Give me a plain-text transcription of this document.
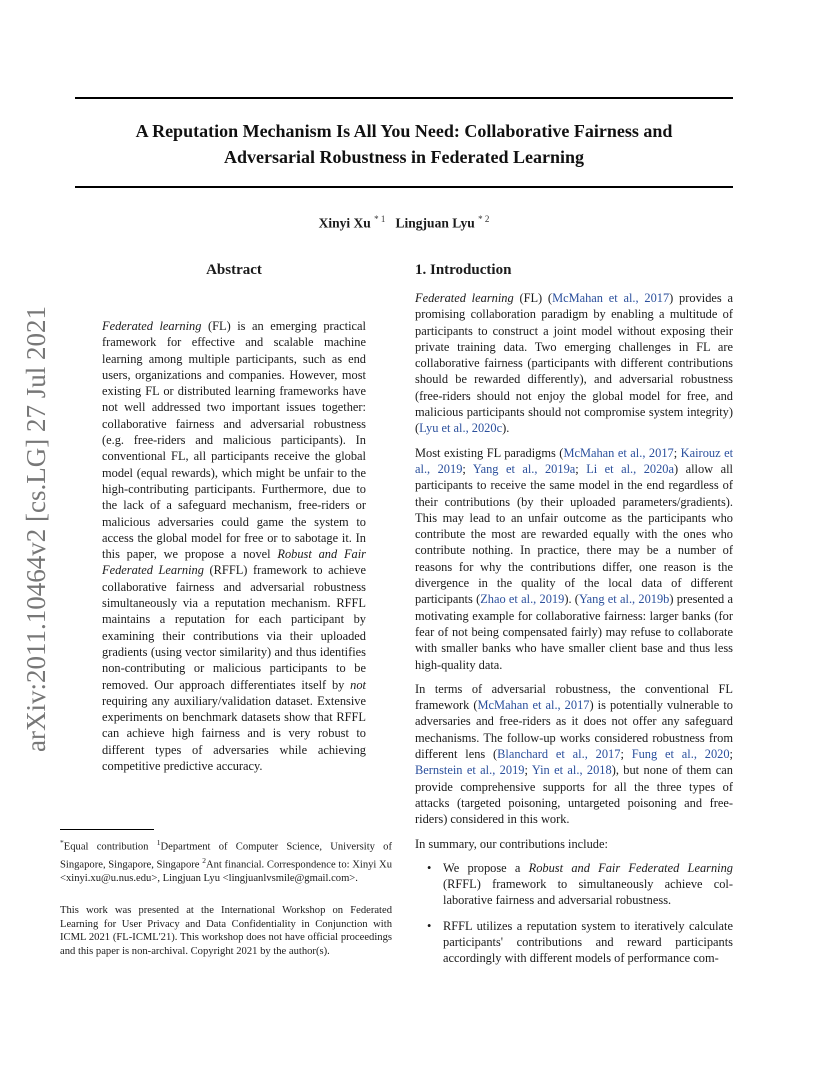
A Reputation Mechanism Is All You Need: Collaborative Fairness and
Adversarial Robustness in Federated Learning
Xinyi Xu $^{* 1}$ Lingjuan Lyu $^{* 2}$
arXiv:2011.10464v2 [cs.LG] 27 Jul 2021
Abstract

Federated learning (FL) is an emerging practical framework for effective and scalable machine learning among multiple participants, such as end users, organizations and companies. However, most existing FL or distributed learning frameworks have not well addressed two important issues together: collaborative fairness and adversarial robustness (e.g. free-riders and malicious participants). In conventional FL, all participants receive the global model (equal rewards), which might be unfair to the high-contributing participants. Furthermore, due to the lack of a safeguard mechanism, free-riders or malicious adversaries could game the system to access the global model for free or to sabotage it. In this paper, we propose a novel Robust and Fair Federated Learning (RFFL) framework to achieve collaborative fairness and adversarial robustness simultaneously via a reputation mechanism. RFFL maintains a reputation for each participant by examining their contributions via their uploaded gradients (using vector similarity) and thus identifies non-contributing or malicious participants to be removed. Our approach differentiates itself by not requiring any auxiliary/validation dataset. Extensive experiments on benchmark datasets show that RFFL can achieve high fairness and is very robust to different types of adversaries while achieving competitive predictive accuracy.

*Equal contribution $^1$Department of Computer Science, University of Singapore, Singapore, Singapore $^2$Ant financial. Correspondence to: Xinyi Xu <xinyi.xu@u.nus.edu>, Lingjuan Lyu <lingjuanlvsmile@gmail.com>.
This work was presented at the International Workshop on Federated Learning for User Privacy and Data Confidentiality in Conjunction with ICML 2021 (FL-ICML'21). This workshop does not have official proceedings and this paper is non-archival. Copyright 2021 by the author(s).
1. Introduction

Federated learning (FL) (McMahan et al., 2017) provides a promising collaboration paradigm by enabling a multitude of participants to construct a joint model without exposing their private training data. Two emerging challenges in FL are collaborative fairness (participants with different contributions should be rewarded differently), and adversarial robustness (free-riders should not enjoy the global model for free, and malicious participants should not compromise system integrity) (Lyu et al., 2020c).

Most existing FL paradigms (McMahan et al., 2017; Kairouz et al., 2019; Yang et al., 2019a; Li et al., 2020a) allow all participants to receive the same model in the end regardless of their contributions (by their uploaded parameters/gradients). This may lead to an unfair outcome as the participants who contribute the most are rewarded equally with the ones who contribute nothing. In practice, there may be a number of reasons for why the contributions differ, one reason is the divergence in the quality of the local data of different participants (Zhao et al., 2019). (Yang et al., 2019b) presented a motivating example for collaborative fairness: larger banks (for fear of not being compensated fairly) may refuse to collaborate with smaller banks who have smaller client base and thus less high-quality data.

In terms of adversarial robustness, the conventional FL framework (McMahan et al., 2017) is potentially vulnerable to adversaries and free-riders as it does not offer any safeguard mechanisms. The follow-up works considered robustness from different lens (Blanchard et al., 2017; Fung et al., 2020; Bernstein et al., 2019; Yin et al., 2018), but none of them can provide comprehensive supports for all the three types of attacks (targeted poisoning, untargeted poisoning and free-riders) considered in this work.

In summary, our contributions include:

• We propose a Robust and Fair Federated Learning (RFFL) framework to simultaneously achieve collaborative fairness and adversarial robustness.
• RFFL utilizes a reputation system to iteratively calculate participants' contributions and reward participants accordingly with different models of performance com-
